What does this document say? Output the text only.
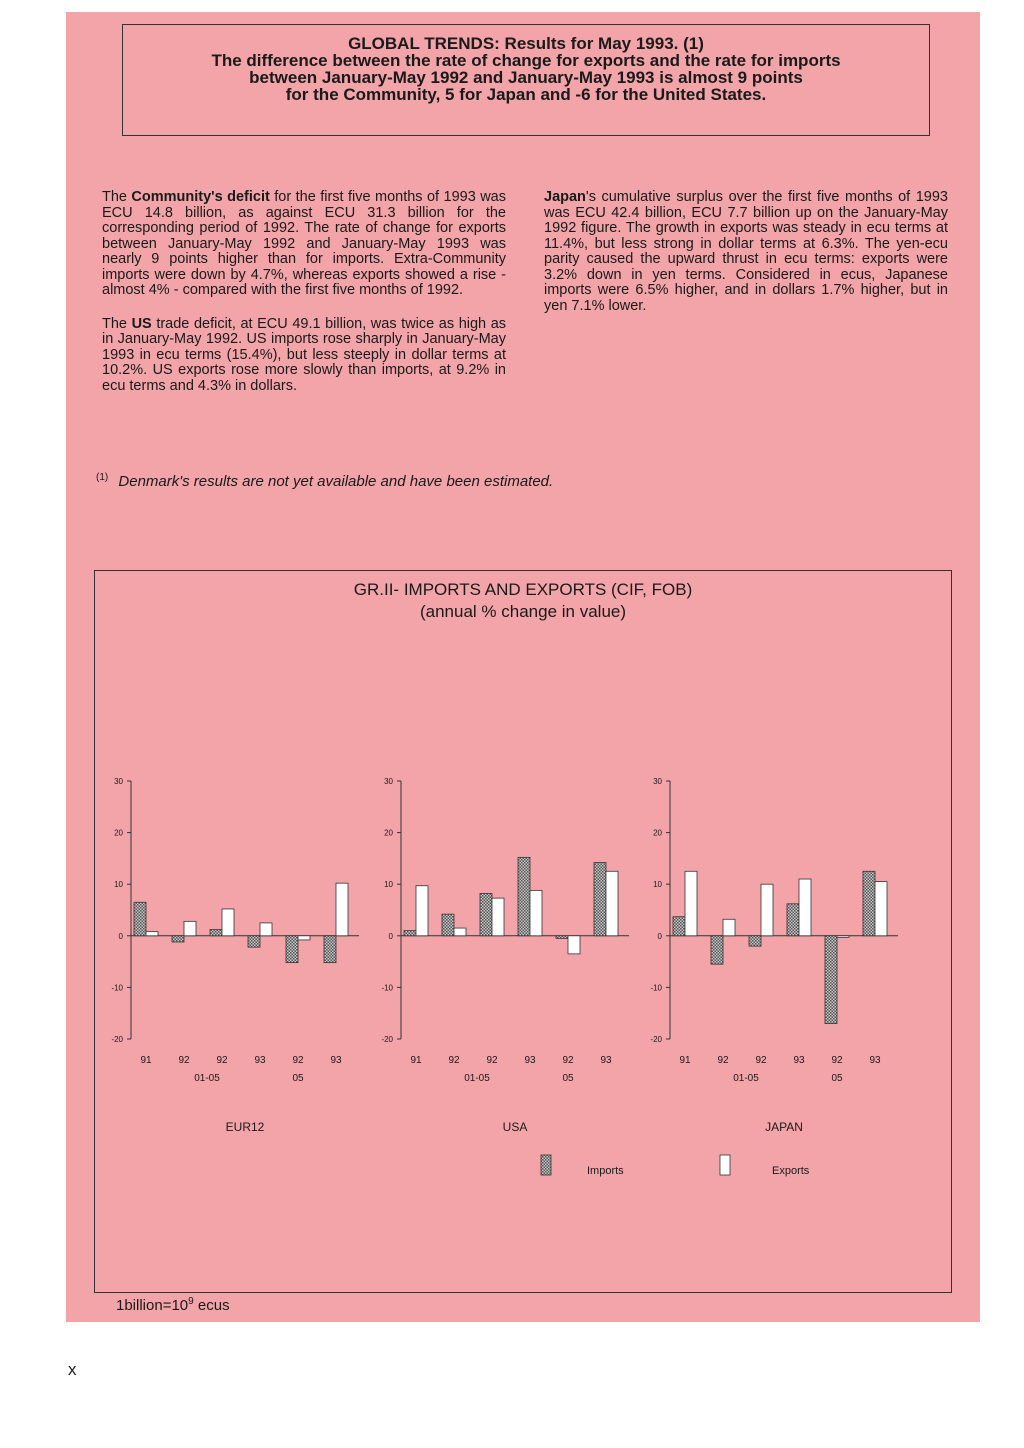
GLOBAL TRENDS: Results for May 1993. (1)

The difference between the rate of change for exports and the rate for imports

between January-May 1992 and January-May 1993 is almost 9 points

for the Community, 5 for Japan and -6 for the United States.

The Community's deficit for the first five months of 1993 was ECU 14.8 billion, as against ECU 31.3 billion for the corresponding period of 1992. The rate of change for exports between January-May 1992 and January-May 1993 was nearly 9 points higher than for imports. Extra-Community imports were down by 4.7%, whereas exports showed a rise - almost 4% - compared with the first five months of 1992.

The US trade deficit, at ECU 49.1 billion, was twice as high as in January-May 1992. US imports rose sharply in January-May 1993 in ecu terms (15.4%), but less steeply in dollar terms at 10.2%. US exports rose more slowly than imports, at 9.2% in ecu terms and 4.3% in dollars.

Japan's cumulative surplus over the first five months of 1993 was ECU 42.4 billion, ECU 7.7 billion up on the January-May 1992 figure. The growth in exports was steady in ecu terms at 11.4%, but less strong in dollar terms at 6.3%. The yen-ecu parity caused the upward thrust in ecu terms: exports were 3.2% down in yen terms. Considered in ecus, Japanese imports were 6.5% higher, and in dollars 1.7% higher, but in yen 7.1% lower.

$^{(1)}$ Denmark's results are not yet available and have been estimated.
GR.II- IMPORTS AND EXPORTS (CIF, FOB)
(annual % change in value)
30
20
10
0
-10
-20
91	92	92
01-05
93	92
05
93
EUR12
30
20
10
0
-10
-20
91	92	92
01-05
93	92
05
93
USA
30
20
10
0
-10
-20
91	92	92
01-05
93	92
05
93
JAPAN
Imports	Exports
$1billion=10^9$ ecus
x
